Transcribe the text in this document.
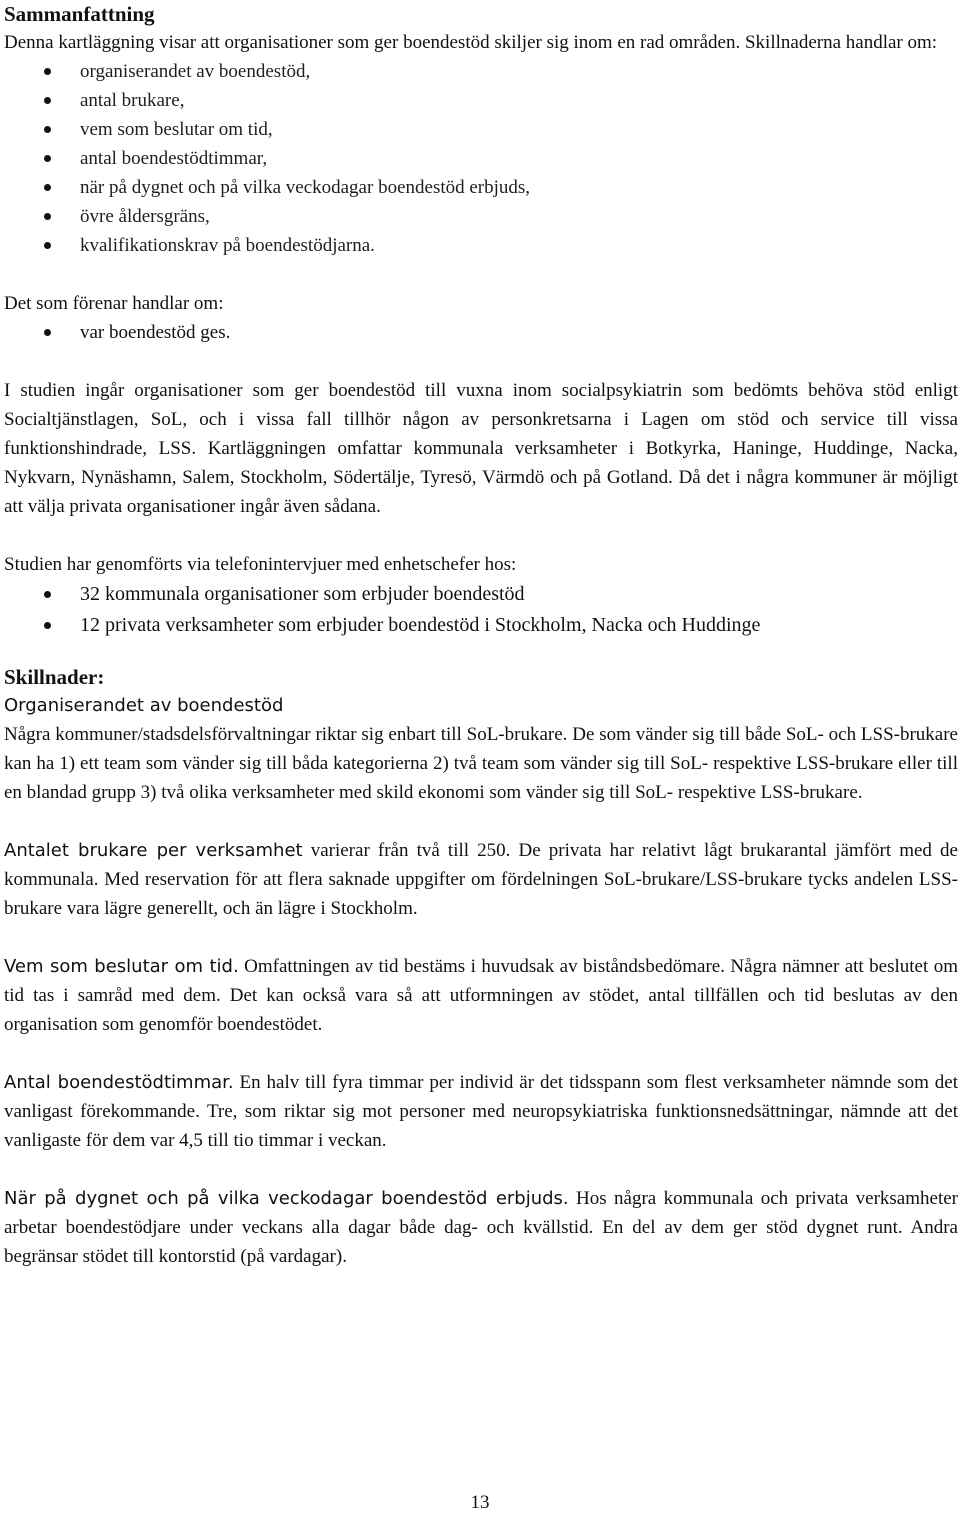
Sammanfattning

Denna kartläggning visar att organisationer som ger boendestöd skiljer sig inom en rad områden. Skillnaderna handlar om:

organiserandet av boendestöd,
antal brukare,
vem som beslutar om tid,
antal boendestödtimmar,
när på dygnet och på vilka veckodagar boendestöd erbjuds,
övre åldersgräns,
kvalifikationskrav på boendestödjarna.

Det som förenar handlar om:

var boendestöd ges.

I studien ingår organisationer som ger boendestöd till vuxna inom socialpsykiatrin som bedömts behöva stöd enligt Socialtjänstlagen, SoL, och i vissa fall tillhör någon av personkretsarna i Lagen om stöd och service till vissa funktionshindrade, LSS. Kartläggningen omfattar kommunala verksamheter i Botkyrka, Haninge, Huddinge, Nacka, Nykvarn, Nynäshamn, Salem, Stockholm, Södertälje, Tyresö, Värmdö och på Gotland. Då det i några kommuner är möjligt att välja privata organisationer ingår även sådana.

Studien har genomförts via telefonintervjuer med enhetschefer hos:

32 kommunala organisationer som erbjuder boendestöd
12 privata verksamheter som erbjuder boendestöd i Stockholm, Nacka och Huddinge
Skillnader:

Organiserandet av boendestöd

Några kommuner/stadsdelsförvaltningar riktar sig enbart till SoL-brukare. De som vänder sig till både SoL- och LSS-brukare kan ha 1) ett team som vänder sig till båda kategorierna 2) två team som vänder sig till SoL- respektive LSS-brukare eller till en blandad grupp 3) två olika verksamheter med skild ekonomi som vänder sig till SoL- respektive LSS-brukare.

Antalet brukare per verksamhet varierar från två till 250. De privata har relativt lågt brukarantal jämfört med de kommunala. Med reservation för att flera saknade uppgifter om fördelningen SoL-brukare/LSS-brukare tycks andelen LSS-brukare vara lägre generellt, och än lägre i Stockholm.

Vem som beslutar om tid. Omfattningen av tid bestäms i huvudsak av biståndsbedömare. Några nämner att beslutet om tid tas i samråd med dem. Det kan också vara så att utformningen av stödet, antal tillfällen och tid beslutas av den organisation som genomför boendestödet.

Antal boendestödtimmar. En halv till fyra timmar per individ är det tidsspann som flest verksamheter nämnde som det vanligast förekommande. Tre, som riktar sig mot personer med neuropsykiatriska funktionsnedsättningar, nämnde att det vanligaste för dem var 4,5 till tio timmar i veckan.

När på dygnet och på vilka veckodagar boendestöd erbjuds. Hos några kommunala och privata verksamheter arbetar boendestödjare under veckans alla dagar både dag- och kvällstid. En del av dem ger stöd dygnet runt. Andra begränsar stödet till kontorstid (på vardagar).

13
